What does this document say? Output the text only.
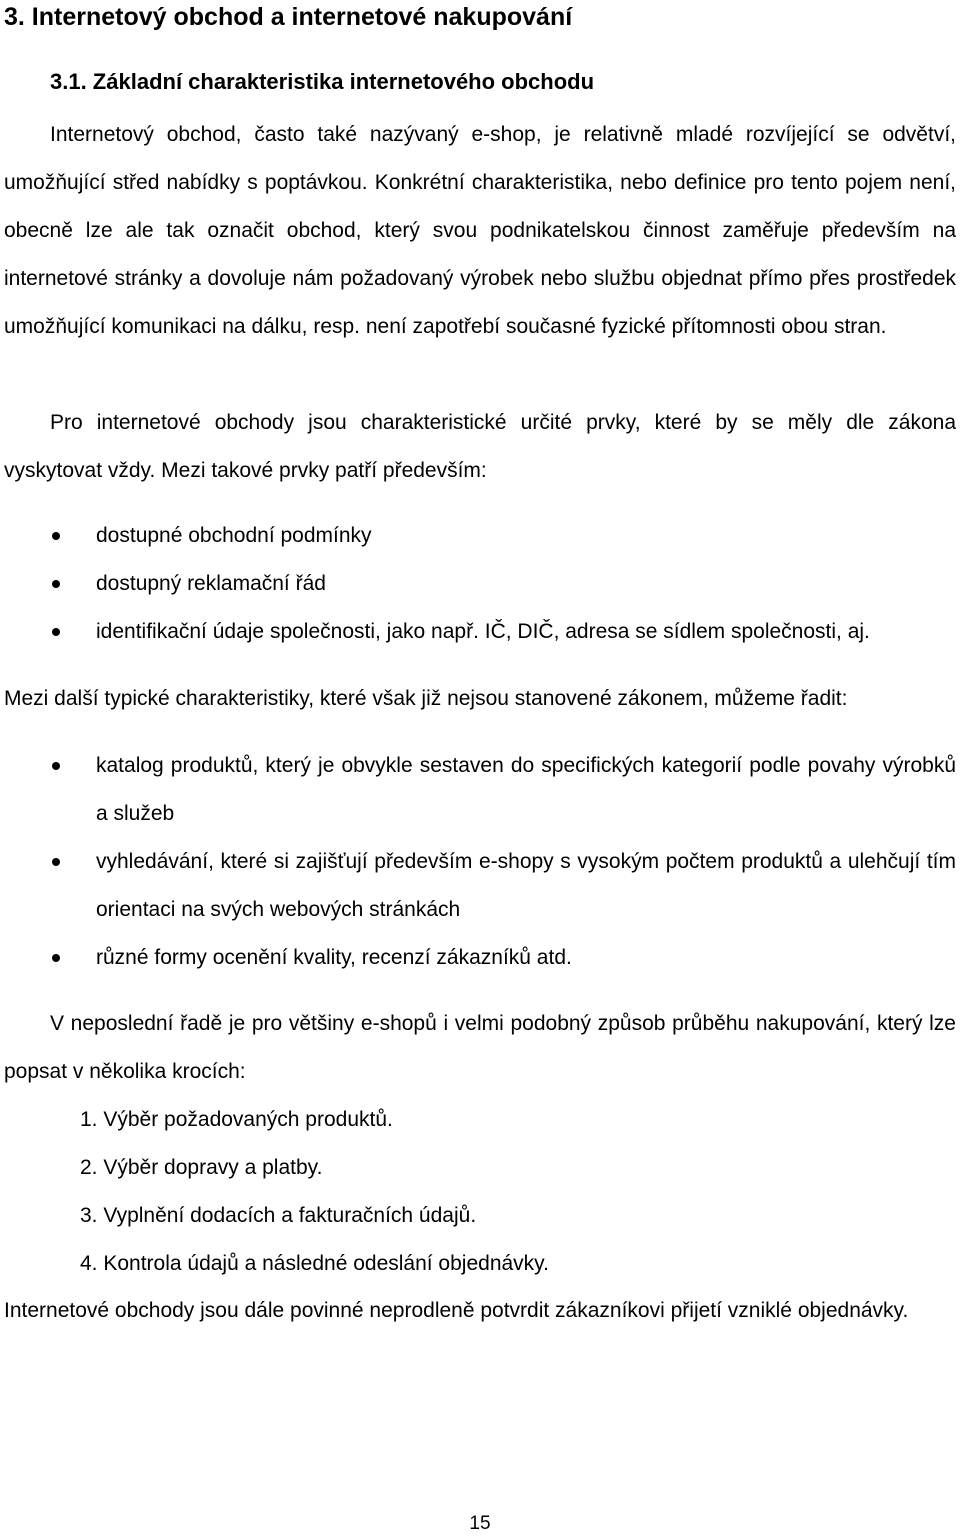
3. Internetový obchod a internetové nakupování
3.1. Základní charakteristika internetového obchodu

Internetový obchod, často také nazývaný e-shop, je relativně mladé rozvíjející se odvětví, umožňující střed nabídky s poptávkou. Konkrétní charakteristika, nebo definice pro tento pojem není, obecně lze ale tak označit obchod, který svou podnikatelskou činnost zaměřuje především na internetové stránky a dovoluje nám požadovaný výrobek nebo službu objednat přímo přes prostředek umožňující komunikaci na dálku, resp. není zapotřebí současné fyzické přítomnosti obou stran.

Pro internetové obchody jsou charakteristické určité prvky, které by se měly dle zákona vyskytovat vždy. Mezi takové prvky patří především:

dostupné obchodní podmínky
dostupný reklamační řád
identifikační údaje společnosti, jako např. IČ, DIČ, adresa se sídlem společnosti, aj.

Mezi další typické charakteristiky, které však již nejsou stanovené zákonem, můžeme řadit:

katalog produktů, který je obvykle sestaven do specifických kategorií podle povahy výrobků a služeb
vyhledávání, které si zajišťují především e-shopy s vysokým počtem produktů a ulehčují tím orientaci na svých webových stránkách
různé formy ocenění kvality, recenzí zákazníků atd.

V neposlední řadě je pro většiny e-shopů i velmi podobný způsob průběhu nakupování, který lze popsat v několika krocích:

1. Výběr požadovaných produktů.
2. Výběr dopravy a platby.
3. Vyplnění dodacích a fakturačních údajů.
4. Kontrola údajů a následné odeslání objednávky.

Internetové obchody jsou dále povinné neprodleně potvrdit zákazníkovi přijetí vzniklé objednávky.

15
